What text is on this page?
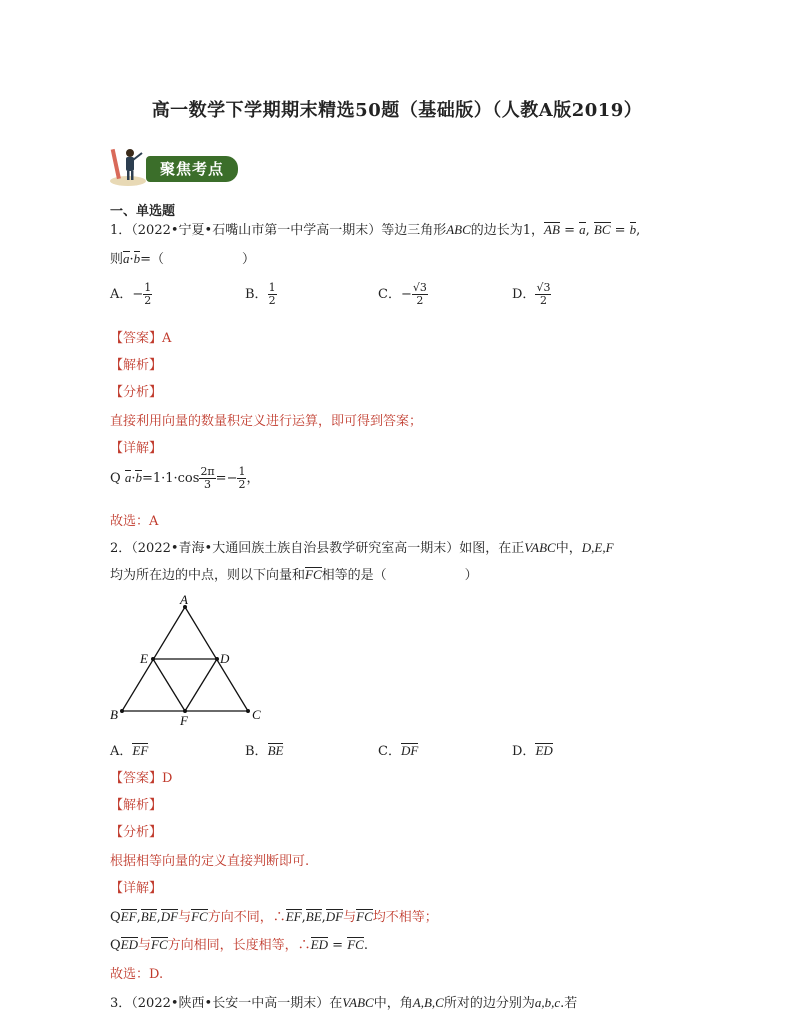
高一数学下学期期末精选50题（基础版）（人教A版2019）
聚焦考点
一、单选题
1．（2022•宁夏•石嘴山市第一中学高一期末）等边三角形ABC的边长为1，AB = a, BC = b,
则a·b=（　　　　　　）
A．− $\frac{1}{2}$	B． $\frac{1}{2}$	C．− $\frac{√3}{2}$	D． $\frac{√3}{2}$
【答案】A
【解析】
【分析】
直接利用向量的数量积定义进行运算，即可得到答案；
【详解】
Q $a\cdot b=1\cdot 1\cdot\cos \frac{2\pi}{3} =- \frac{1}{2}$ ，
故选：A
2．（2022•青海•大通回族土族自治县教学研究室高一期末）如图，在正VABC中，D,E,F
均为所在边的中点，则以下向量和FC相等的是（　　　　　　）
A
B	C
E	D
F
A．EF	B．BE	C．DF	D．ED
【答案】D
【解析】
【分析】
根据相等向量的定义直接判断即可.
【详解】
QEF,BE,DF与FC方向不同，∴EF,BE,DF与FC均不相等；
QED与FC方向相同，长度相等，∴ED = FC.
故选：D.
3．（2022•陕西•长安一中高一期末）在VABC中，角A,B,C所对的边分别为a,b,c.若
